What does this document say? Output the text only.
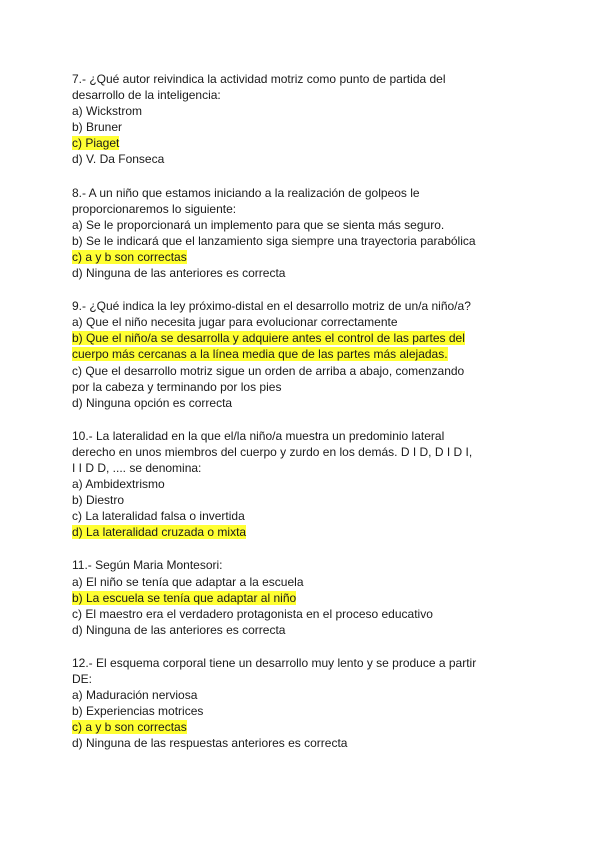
7.- ¿Qué autor reivindica la actividad motriz como punto de partida del
desarrollo de la inteligencia:
a) Wickstrom
b) Bruner
c) Piaget
d) V. Da Fonseca
8.- A un niño que estamos iniciando a la realización de golpeos le
proporcionaremos lo siguiente:
a) Se le proporcionará un implemento para que se sienta más seguro.
b) Se le indicará que el lanzamiento siga siempre una trayectoria parabólica
c) a y b son correctas
d) Ninguna de las anteriores es correcta
9.- ¿Qué indica la ley próximo-distal en el desarrollo motriz de un/a niño/a?
a) Que el niño necesita jugar para evolucionar correctamente
b) Que el niño/a se desarrolla y adquiere antes el control de las partes del
cuerpo más cercanas a la línea media que de las partes más alejadas.
c) Que el desarrollo motriz sigue un orden de arriba a abajo, comenzando
por la cabeza y terminando por los pies
d) Ninguna opción es correcta
10.- La lateralidad en la que el/la niño/a muestra un predominio lateral
derecho en unos miembros del cuerpo y zurdo en los demás. D I D, D I D I,
I I D D, .... se denomina:
a) Ambidextrismo
b) Diestro
c) La lateralidad falsa o invertida
d) La lateralidad cruzada o mixta
11.- Según Maria Montesori:
a) El niño se tenía que adaptar a la escuela
b) La escuela se tenía que adaptar al niño
c) El maestro era el verdadero protagonista en el proceso educativo
d) Ninguna de las anteriores es correcta
12.- El esquema corporal tiene un desarrollo muy lento y se produce a partir
DE:
a) Maduración nerviosa
b) Experiencias motrices
c) a y b son correctas
d) Ninguna de las respuestas anteriores es correcta
